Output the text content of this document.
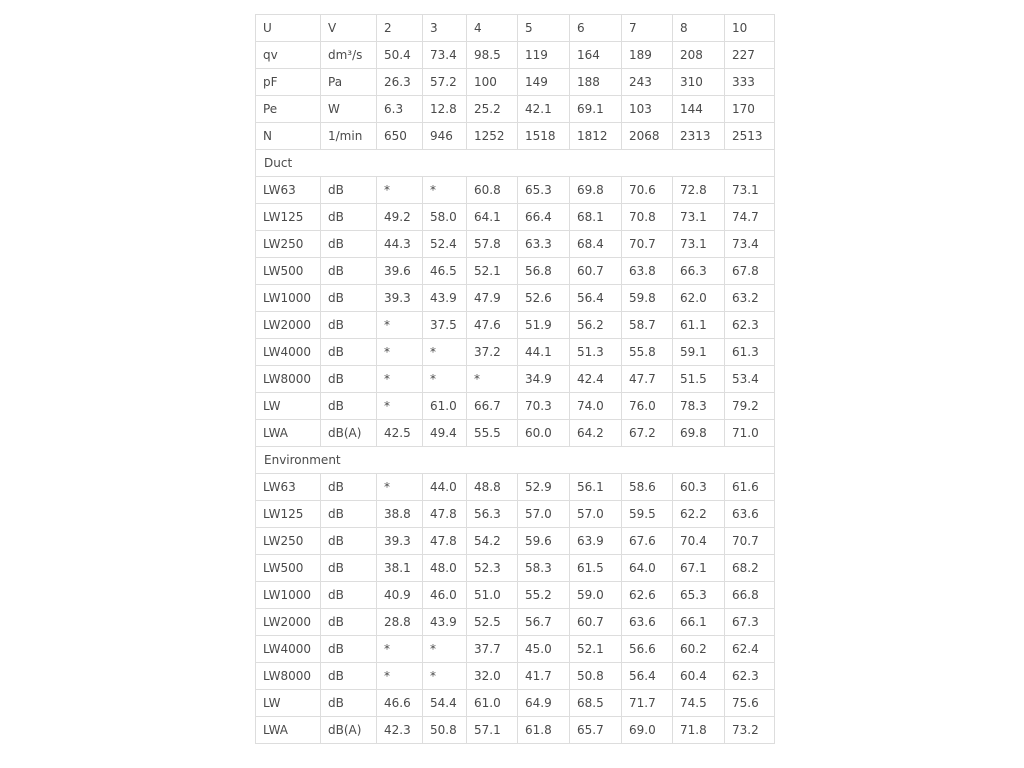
U	V	2	3	4	5	6	7	8	10
qv	dm³/s	50.4	73.4	98.5	119	164	189	208	227
pF	Pa	26.3	57.2	100	149	188	243	310	333
Pe	W	6.3	12.8	25.2	42.1	69.1	103	144	170
N	1/min	650	946	1252	1518	1812	2068	2313	2513
Duct									
LW63	dB	*	*	60.8	65.3	69.8	70.6	72.8	73.1
LW125	dB	49.2	58.0	64.1	66.4	68.1	70.8	73.1	74.7
LW250	dB	44.3	52.4	57.8	63.3	68.4	70.7	73.1	73.4
LW500	dB	39.6	46.5	52.1	56.8	60.7	63.8	66.3	67.8
LW1000	dB	39.3	43.9	47.9	52.6	56.4	59.8	62.0	63.2
LW2000	dB	*	37.5	47.6	51.9	56.2	58.7	61.1	62.3
LW4000	dB	*	*	37.2	44.1	51.3	55.8	59.1	61.3
LW8000	dB	*	*	*	34.9	42.4	47.7	51.5	53.4
LW	dB	*	61.0	66.7	70.3	74.0	76.0	78.3	79.2
LWA	dB(A)	42.5	49.4	55.5	60.0	64.2	67.2	69.8	71.0
Environment									
LW63	dB	*	44.0	48.8	52.9	56.1	58.6	60.3	61.6
LW125	dB	38.8	47.8	56.3	57.0	57.0	59.5	62.2	63.6
LW250	dB	39.3	47.8	54.2	59.6	63.9	67.6	70.4	70.7
LW500	dB	38.1	48.0	52.3	58.3	61.5	64.0	67.1	68.2
LW1000	dB	40.9	46.0	51.0	55.2	59.0	62.6	65.3	66.8
LW2000	dB	28.8	43.9	52.5	56.7	60.7	63.6	66.1	67.3
LW4000	dB	*	*	37.7	45.0	52.1	56.6	60.2	62.4
LW8000	dB	*	*	32.0	41.7	50.8	56.4	60.4	62.3
LW	dB	46.6	54.4	61.0	64.9	68.5	71.7	74.5	75.6
LWA	dB(A)	42.3	50.8	57.1	61.8	65.7	69.0	71.8	73.2
